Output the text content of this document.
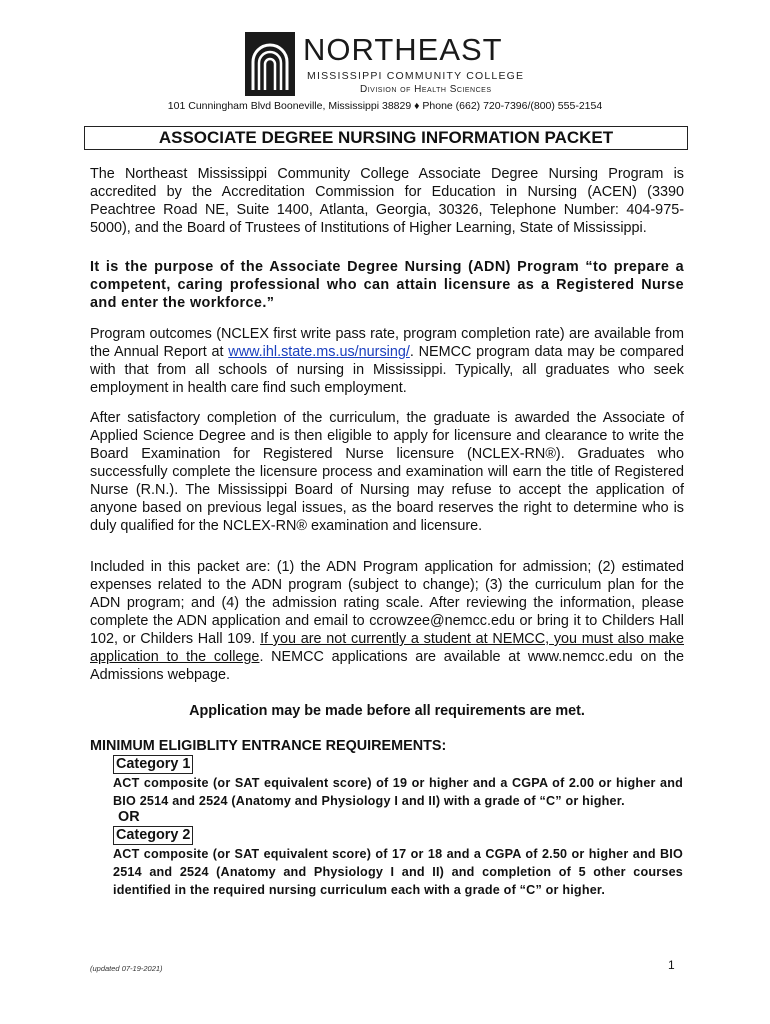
NORTHEAST
MISSISSIPPI COMMUNITY COLLEGE
Division of Health Sciences
101 Cunningham Blvd Booneville, Mississippi 38829 ♦ Phone (662) 720-7396/(800) 555-2154
ASSOCIATE DEGREE NURSING INFORMATION PACKET

The Northeast Mississippi Community College Associate Degree Nursing Program is accredited by the Accreditation Commission for Education in Nursing (ACEN) (3390 Peachtree Road NE, Suite 1400, Atlanta, Georgia, 30326, Telephone Number: 404-975-5000), and the Board of Trustees of Institutions of Higher Learning, State of Mississippi.

It is the purpose of the Associate Degree Nursing (ADN) Program “to prepare a competent, caring professional who can attain licensure as a Registered Nurse and enter the workforce.”

Program outcomes (NCLEX first write pass rate, program completion rate) are available from the Annual Report at www.ihl.state.ms.us/nursing/. NEMCC program data may be compared with that from all schools of nursing in Mississippi. Typically, all graduates who seek employment in health care find such employment.

After satisfactory completion of the curriculum, the graduate is awarded the Associate of Applied Science Degree and is then eligible to apply for licensure and clearance to write the Board Examination for Registered Nurse licensure (NCLEX-RN®). Graduates who successfully complete the licensure process and examination will earn the title of Registered Nurse (R.N.). The Mississippi Board of Nursing may refuse to accept the application of anyone based on previous legal issues, as the board reserves the right to determine who is duly qualified for the NCLEX-RN® examination and licensure.

Included in this packet are: (1) the ADN Program application for admission; (2) estimated expenses related to the ADN program (subject to change); (3) the curriculum plan for the ADN program; and (4) the admission rating scale. After reviewing the information, please complete the ADN application and email to ccrowzee@nemcc.edu or bring it to Childers Hall 102, or Childers Hall 109. If you are not currently a student at NEMCC, you must also make application to the college. NEMCC applications are available at www.nemcc.edu on the Admissions webpage.

Application may be made before all requirements are met.

MINIMUM ELIGIBLITY ENTRANCE REQUIREMENTS:
Category 1

ACT composite (or SAT equivalent score) of 19 or higher and a CGPA of 2.00 or higher and BIO 2514 and 2524 (Anatomy and Physiology I and II) with a grade of “C” or higher.

OR
Category 2

ACT composite (or SAT equivalent score) of 17 or 18 and a CGPA of 2.50 or higher and BIO 2514 and 2524 (Anatomy and Physiology I and II) and completion of 5 other courses identified in the required nursing curriculum each with a grade of “C” or higher.

(updated 07-19-2021)	1
